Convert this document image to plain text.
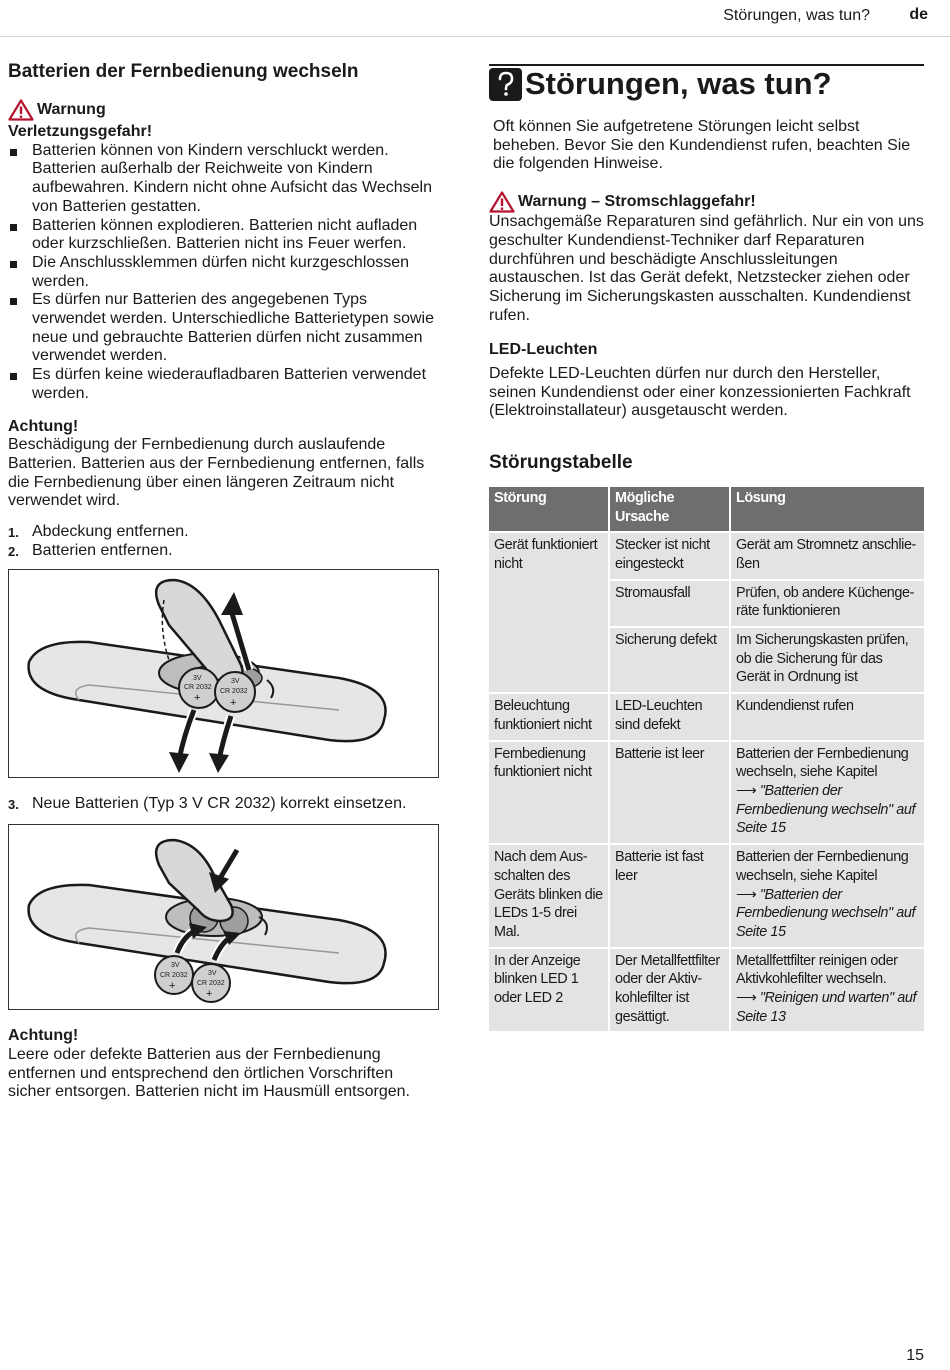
Störungen, was tun? de
Batterien der Fernbedienung wechseln
Warnung
Verletzungsgefahr!
Batterien können von Kindern verschluckt werden. Batterien außerhalb der Reichweite von Kindern aufbewahren. Kindern nicht ohne Aufsicht das Wechseln von Batterien gestatten.
Batterien können explodieren. Batterien nicht aufladen oder kurzschließen. Batterien nicht ins Feuer werfen.
Die Anschlussklemmen dürfen nicht kurzgeschlossen werden.
Es dürfen nur Batterien des angegebenen Typs verwendet werden. Unterschiedliche Batterietypen sowie neue und gebrauchte Batterien dürfen nicht zusammen verwendet werden.
Es dürfen keine wiederaufladbaren Batterien verwendet werden.
Achtung!

Beschädigung der Fernbedienung durch auslaufende Batterien. Batterien aus der Fernbedienung entfernen, falls die Fernbedienung über einen längeren Zeitraum nicht verwendet wird.

1. Abdeckung entfernen.
2. Batterien entfernen.
3V
CR 2032
+
3V
CR 2032
+
3. Neue Batterien (Typ 3 V CR 2032) korrekt einsetzen.
3V
CR 2032
+
3V
CR 2032
+
Achtung!

Leere oder defekte Batterien aus der Fernbedienung entfernen und entsprechend den örtlichen Vorschriften sicher entsorgen. Batterien nicht im Hausmüll entsorgen.

Störungen, was tun?

Oft können Sie aufgetretene Störungen leicht selbst beheben. Bevor Sie den Kundendienst rufen, beachten Sie die folgenden Hinweise.

Warnung – Stromschlaggefahr!

Unsachgemäße Reparaturen sind gefährlich. Nur ein von uns geschulter Kundendienst-Techniker darf Reparaturen durchführen und beschädigte Anschlussleitungen austauschen. Ist das Gerät defekt, Netzstecker ziehen oder Sicherung im Sicherungskasten ausschalten. Kundendienst rufen.

LED-Leuchten

Defekte LED-Leuchten dürfen nur durch den Hersteller, seinen Kundendienst oder einer konzessionierten Fachkraft (Elektroinstallateur) ausgetauscht werden.

Störungstabelle
Störung	Mögliche Ursache	Lösung
Gerät funktioniert nicht	Stecker ist nicht eingesteckt	Gerät am Stromnetz anschlie-ßen
	Stromausfall	Prüfen, ob andere Küchenge-räte funktionieren
	Sicherung defekt	Im Sicherungskasten prüfen, ob die Sicherung für das Gerät in Ordnung ist
Beleuchtung funktioniert nicht	LED-Leuchten sind defekt	Kundendienst rufen
Fernbedienung funktioniert nicht	Batterie ist leer	Batterien der Fernbedienung wechseln, siehe Kapitel
⟶ "Batterien der Fernbedienung wechseln" auf Seite 15
Nach dem Aus-schalten des Geräts blinken die LEDs 1-5 drei Mal.	Batterie ist fast leer	Batterien der Fernbedienung wechseln, siehe Kapitel
⟶ "Batterien der Fernbedienung wechseln" auf Seite 15
In der Anzeige blinken LED 1 oder LED 2	Der Metallfettfilter oder der Aktiv-kohlefilter ist gesättigt.	Metallfettfilter reinigen oder Aktivkohlefilter wechseln.
⟶ "Reinigen und warten" auf Seite 13
15
